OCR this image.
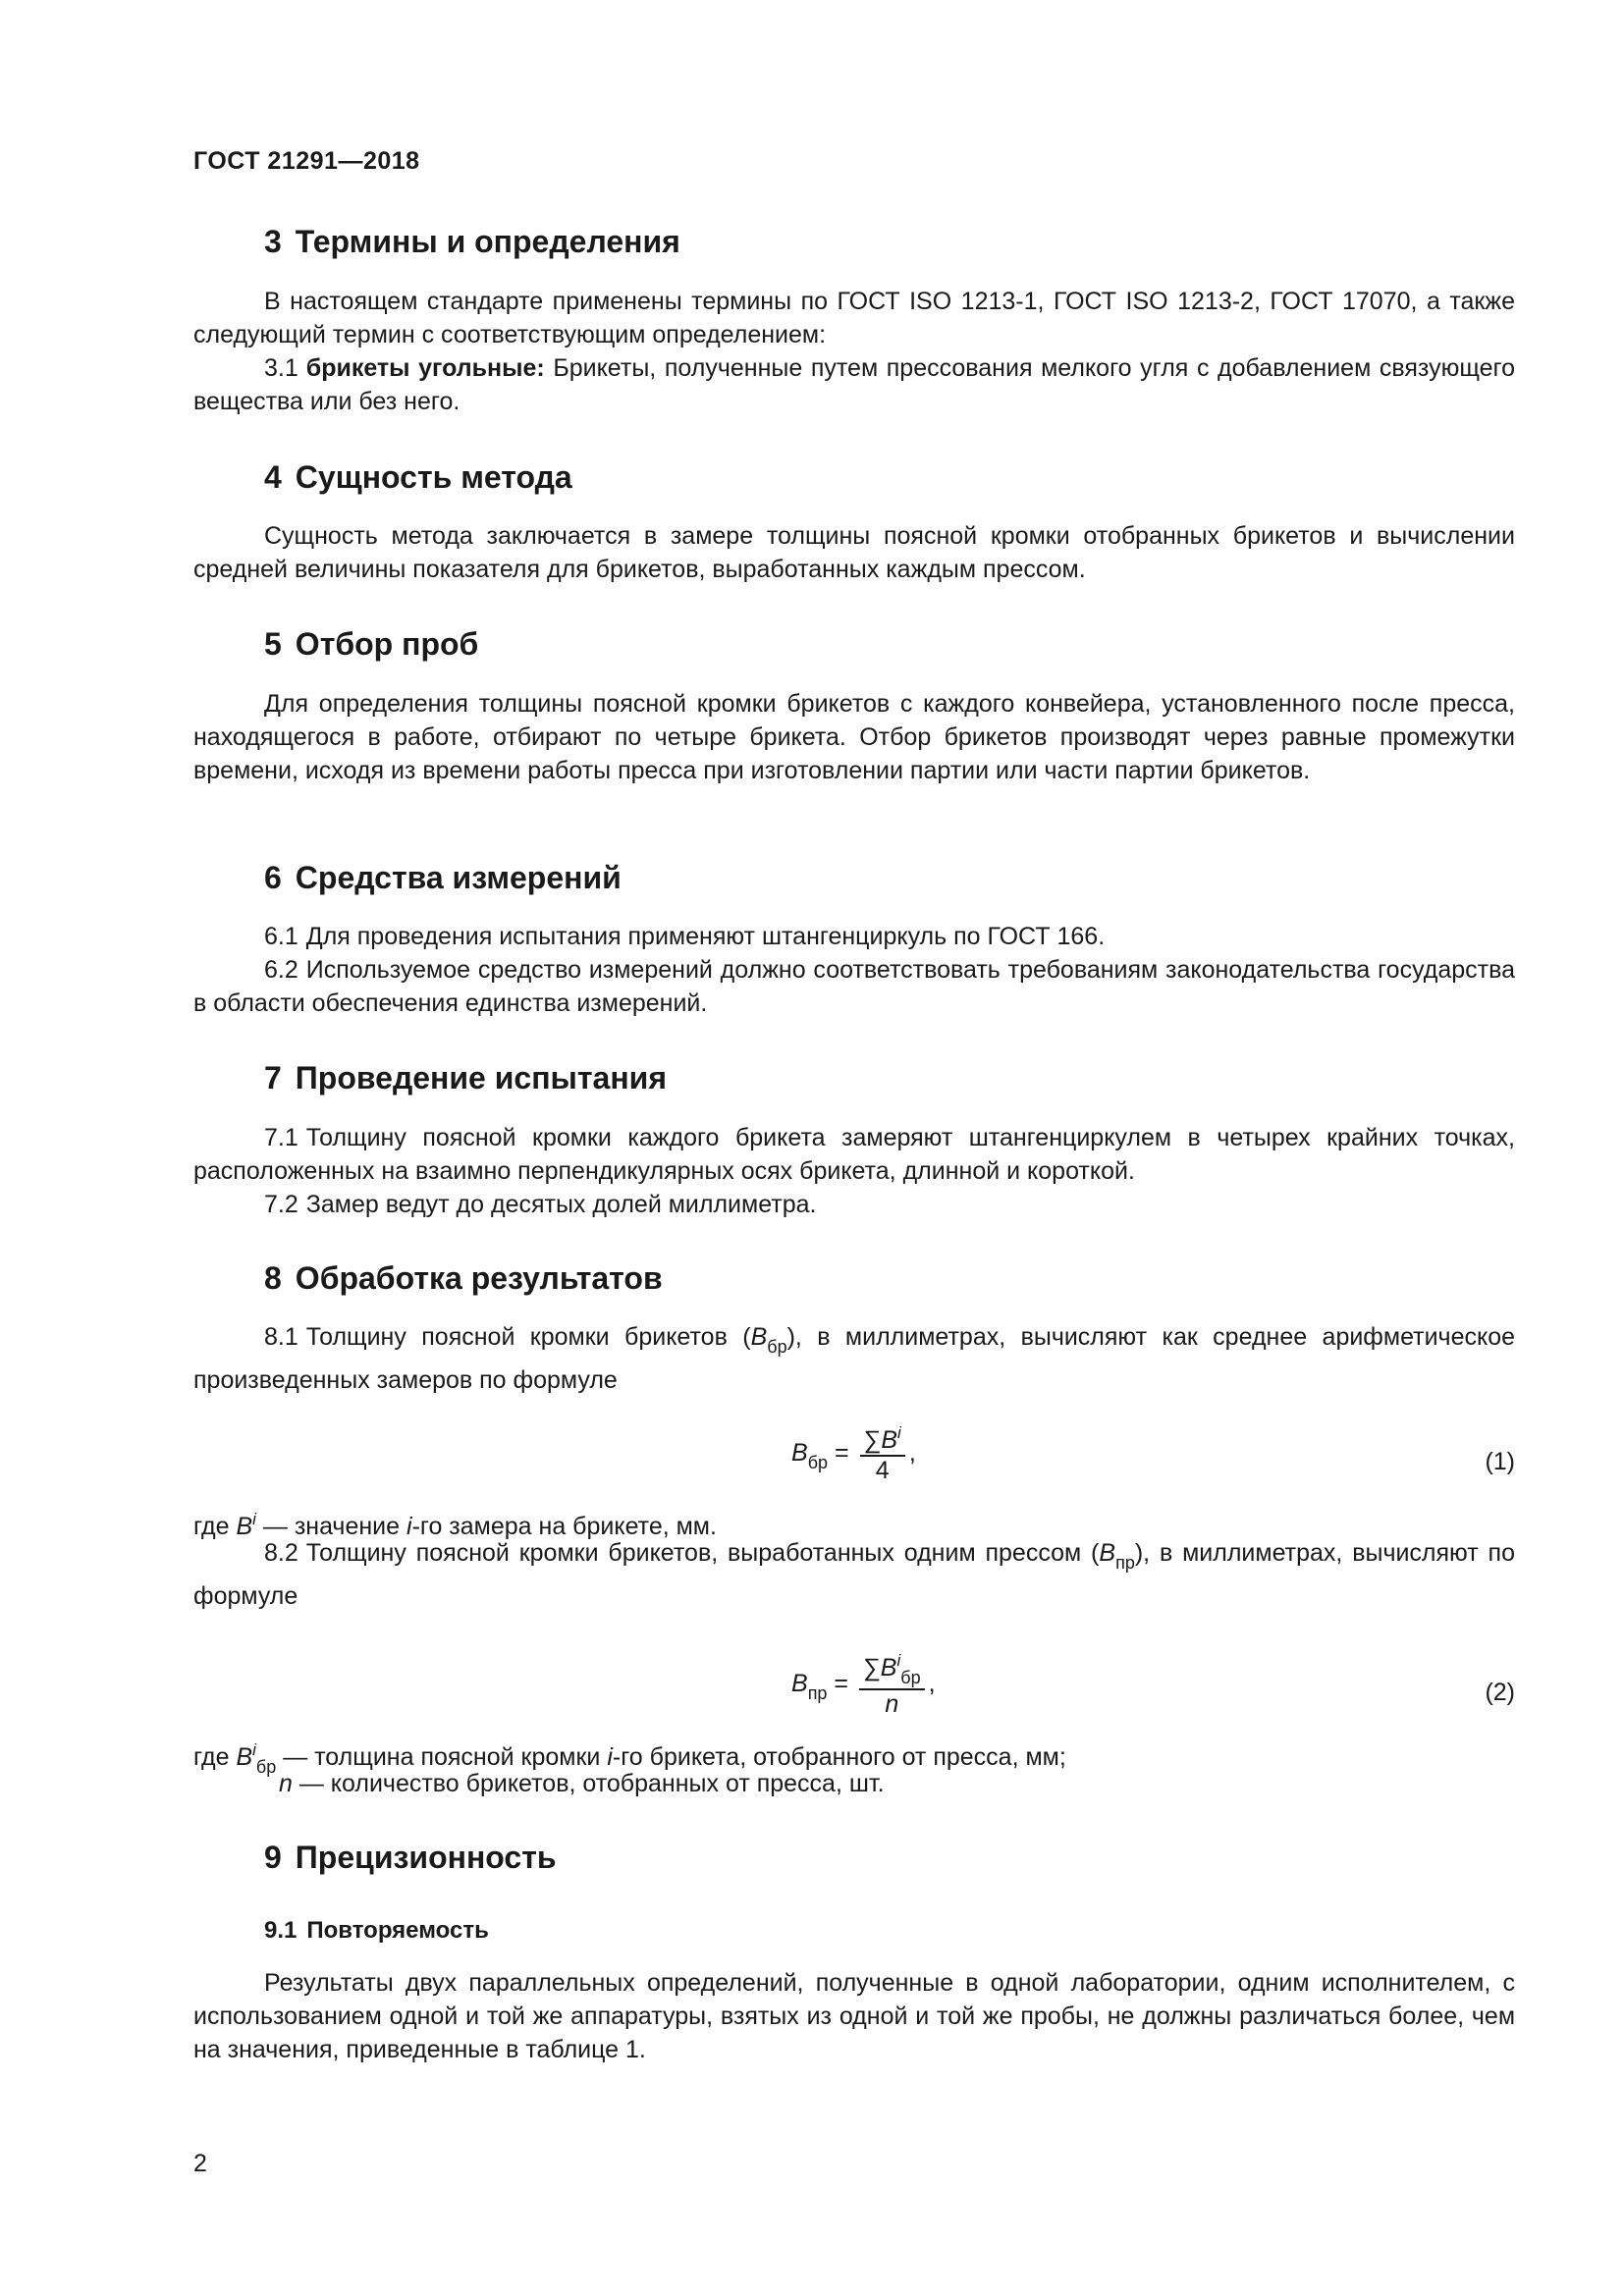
ГОСТ 21291—2018
3 Термины и определения
В настоящем стандарте применены термины по ГОСТ ISO 1213-1, ГОСТ ISO 1213-2, ГОСТ 17070, а также следующий термин с соответствующим определением:
3.1 брикеты угольные: Брикеты, полученные путем прессования мелкого угля с добавлением связующего вещества или без него.
4 Сущность метода
Сущность метода заключается в замере толщины поясной кромки отобранных брикетов и вычислении средней величины показателя для брикетов, выработанных каждым прессом.
5 Отбор проб
Для определения толщины поясной кромки брикетов с каждого конвейера, установленного после пресса, находящегося в работе, отбирают по четыре брикета. Отбор брикетов производят через равные промежутки времени, исходя из времени работы пресса при изготовлении партии или части партии брикетов.
6 Средства измерений
6.1 Для проведения испытания применяют штангенциркуль по ГОСТ 166.
6.2 Используемое средство измерений должно соответствовать требованиям законодательства государства в области обеспечения единства измерений.
7 Проведение испытания
7.1 Толщину поясной кромки каждого брикета замеряют штангенциркулем в четырех крайних точках, расположенных на взаимно перпендикулярных осях брикета, длинной и короткой.
7.2 Замер ведут до десятых долей миллиметра.
8 Обработка результатов
8.1 Толщину поясной кромки брикетов $(B_{бр})$, в миллиметрах, вычисляют как среднее арифметическое произведенных замеров по формуле
$B_{бр} = \frac{\sum B^i}{4}$ ,	(1)
где $B^i$ — значение i-го замера на брикете, мм.
8.2 Толщину поясной кромки брикетов, выработанных одним прессом $(B_{пр})$, в миллиметрах, вычисляют по формуле
$B_{пр} = \frac{\sum B^i_{бр}}{n}$ ,	(2)
где $B^i_{бр}$ — толщина поясной кромки i-го брикета, отобранного от пресса, мм;
n — количество брикетов, отобранных от пресса, шт.
9 Прецизионность
9.1 Повторяемость
Результаты двух параллельных определений, полученные в одной лаборатории, одним исполнителем, с использованием одной и той же аппаратуры, взятых из одной и той же пробы, не должны различаться более, чем на значения, приведенные в таблице 1.
2
